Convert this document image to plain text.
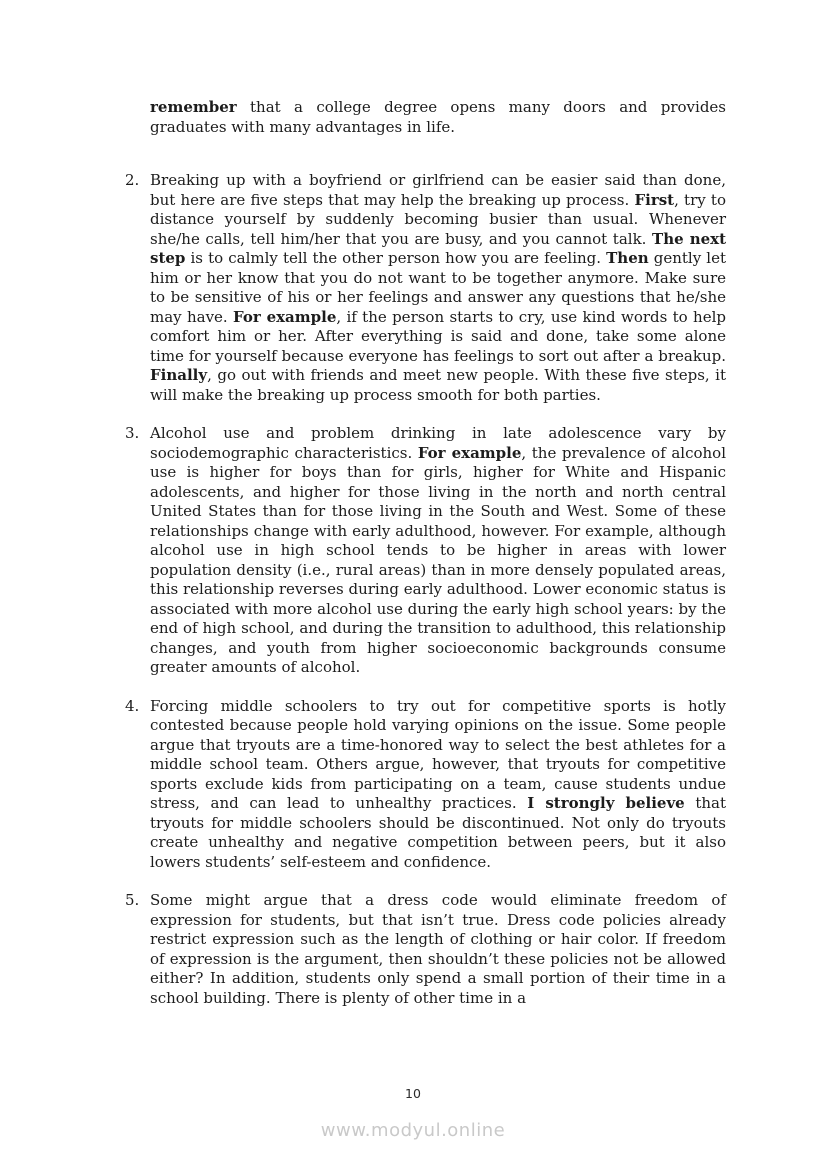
remember that a college degree opens many doors and provides graduates with many advantages in life.

2. Breaking up with a boyfriend or girlfriend can be easier said than done, but here are five steps that may help the breaking up process. First, try to distance yourself by suddenly becoming busier than usual. Whenever she/he calls, tell him/her that you are busy, and you cannot talk. The next step is to calmly tell the other person how you are feeling. Then gently let him or her know that you do not want to be together anymore. Make sure to be sensitive of his or her feelings and answer any questions that he/she may have. For example, if the person starts to cry, use kind words to help comfort him or her. After everything is said and done, take some alone time for yourself because everyone has feelings to sort out after a breakup. Finally, go out with friends and meet new people. With these five steps, it will make the breaking up process smooth for both parties.
3. Alcohol use and problem drinking in late adolescence vary by sociodemographic characteristics. For example, the prevalence of alcohol use is higher for boys than for girls, higher for White and Hispanic adolescents, and higher for those living in the north and north central United States than for those living in the South and West. Some of these relationships change with early adulthood, however. For example, although alcohol use in high school tends to be higher in areas with lower population density (i.e., rural areas) than in more densely populated areas, this relationship reverses during early adulthood. Lower economic status is associated with more alcohol use during the early high school years: by the end of high school, and during the transition to adulthood, this relationship changes, and youth from higher socioeconomic backgrounds consume greater amounts of alcohol.
4. Forcing middle schoolers to try out for competitive sports is hotly contested because people hold varying opinions on the issue. Some people argue that tryouts are a time-honored way to select the best athletes for a middle school team. Others argue, however, that tryouts for competitive sports exclude kids from participating on a team, cause students undue stress, and can lead to unhealthy practices. I strongly believe that tryouts for middle schoolers should be discontinued. Not only do tryouts create unhealthy and negative competition between peers, but it also lowers students’ self-esteem and confidence.
5. Some might argue that a dress code would eliminate freedom of expression for students, but that isn’t true. Dress code policies already restrict expression such as the length of clothing or hair color. If freedom of expression is the argument, then shouldn’t these policies not be allowed either? In addition, students only spend a small portion of their time in a school building. There is plenty of other time in a
10
www.modyul.online
